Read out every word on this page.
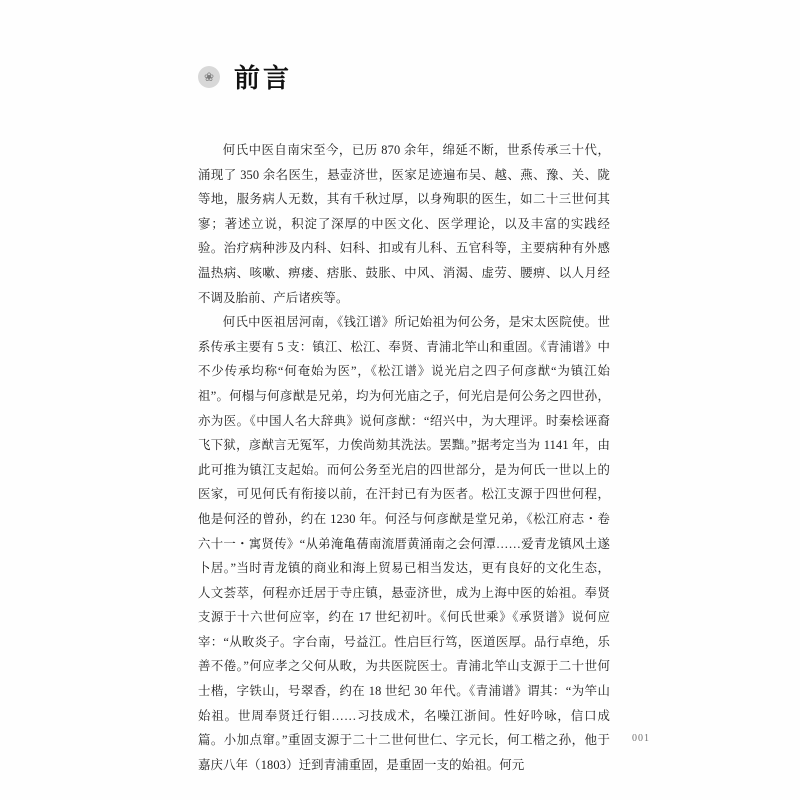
❀ 前言

何氏中医自南宋至今，已历 870 余年，绵延不断，世系传承三十代，涌现了 350 余名医生，悬壶济世，医家足迹遍布吴、越、燕、豫、关、陇等地，服务病人无数，其有千秋过厚，以身殉职的医生，如二十三世何其寥；著述立说，积淀了深厚的中医文化、医学理论，以及丰富的实践经验。治疗病种涉及内科、妇科、扣或有儿科、五官科等，主要病种有外感温热病、咳嗽、痹瘘、痞胀、鼓胀、中风、消渴、虚劳、腰痹、以人月经不调及胎前、产后诸疾等。

何氏中医祖居河南，《钱江谱》所记始祖为何公务，是宋太医院使。世系传承主要有 5 支：镇江、松江、奉贤、青浦北竿山和重固。《青浦谱》中不少传承均称“何奄始为医”，《松江谱》说光启之四子何彦猷“为镇江始祖”。何榻与何彦猷是兄弟，均为何光庙之子，何光启是何公务之四世孙，亦为医。《中国人名大辞典》说何彦猷：“绍兴中，为大理评。时秦桧诬裔飞下狱，彦猷言无冤军，力俟尚劾其洗法。罢黜。”据考定当为 1141 年，由此可推为镇江支起始。而何公务至光启的四世部分，是为何氏一世以上的医家，可见何氏有衔接以前，在汗封已有为医者。松江支源于四世何程，他是何泾的曾孙，约在 1230 年。何泾与何彦猷是堂兄弟，《松江府志・卷六十一・寓贤传》“从弟淹亀蒨南流厝黄涌南之会何潭……爱青龙镇风土遂卜居。”当时青龙镇的商业和海上贸易已相当发达，更有良好的文化生态，人文荟萃，何程亦迁居于寺庄镇，悬壶济世，成为上海中医的始祖。奉贤支源于十六世何应宰，约在 17 世纪初叶。《何氏世乘》《承贤谱》说何应宰：“从畋炎子。字台南，号益江。性启巨行笃，医道医厚。品行卓绝，乐善不倦。”何应孝之父何从畋，为共医院医士。青浦北竿山支源于二十世何士楷，字铁山，号翠香，约在 18 世纪 30 年代。《青浦谱》谓其：“为竿山始祖。世周奉贤迁行钼……习技成术，名噪江浙间。性好吟咏，信口成篇。小加点窜。”重固支源于二十二世何世仁、字元长，何工楷之孙，他于嘉庆八年（1803）迁到青浦重固，是重固一支的始祖。何元

001
